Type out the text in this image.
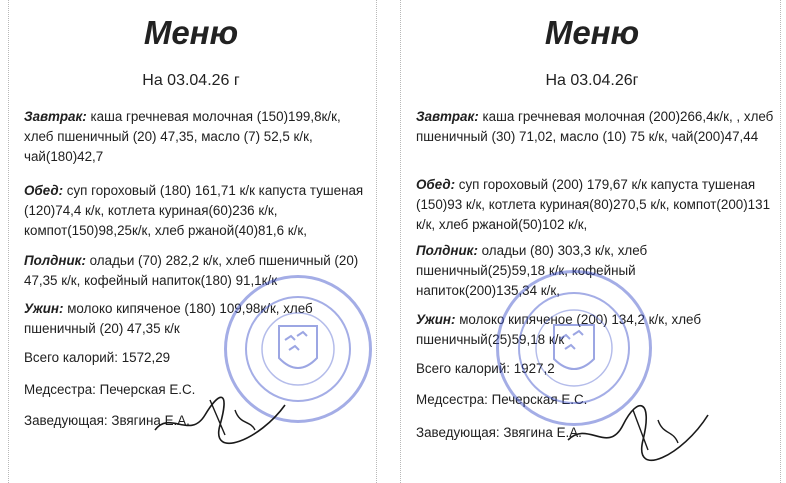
Меню
На 03.04.26 г

Завтрак: каша гречневая молочная (150)199,8к/к, хлеб пшеничный (20) 47,35, масло (7) 52,5 к/к, чай(180)42,7

Обед: суп гороховый (180) 161,71 к/к капуста тушеная (120)74,4 к/к, котлета куриная(60)236 к/к, компот(150)98,25к/к, хлеб ржаной(40)81,6 к/к,

Полдник: оладьи (70) 282,2 к/к, хлеб пшеничный (20) 47,35 к/к, кофейный напиток(180) 91,1к/к

Ужин: молоко кипяченое (180) 109,98к/к, хлеб пшеничный (20) 47,35 к/к

Всего калорий: 1572,29
Медсестра: Печерская Е.С.
Заведующая: Звягина Е.А.
Меню
На 03.04.26г

Завтрак: каша гречневая молочная (200)266,4к/к, , хлеб пшеничный (30) 71,02, масло (10) 75 к/к, чай(200)47,44

Обед: суп гороховый (200) 179,67 к/к капуста тушеная (150)93 к/к, котлета куриная(80)270,5 к/к, компот(200)131 к/к, хлеб ржаной(50)102 к/к,

Полдник: оладьи (80) 303,3 к/к, хлеб пшеничный(25)59,18 к/к, кофейный напиток(200)135,34 к/к,

Ужин: молоко кипяченое (200) 134,2 к/к, хлеб пшеничный(25)59,18 к/к

Всего калорий: 1927,2
Медсестра: Печерская Е.С.
Заведующая: Звягина Е.А.
